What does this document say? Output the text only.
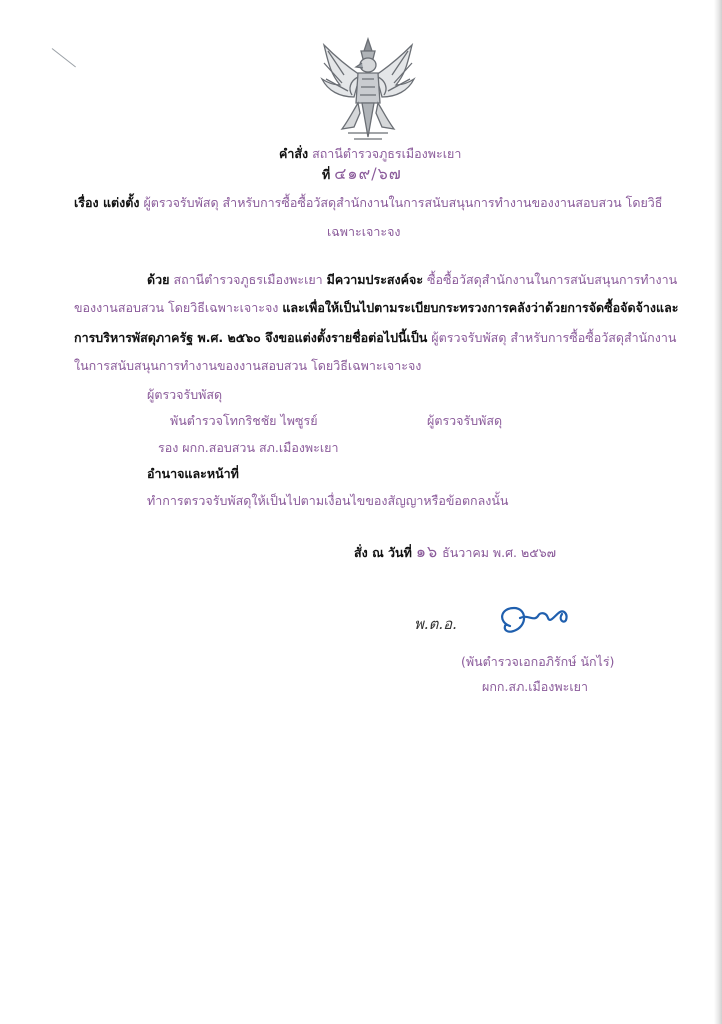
คำสั่ง สถานีตำรวจภูธรเมืองพะเยา
ที่ ๔๑๙/๖๗
เรื่อง แต่งตั้ง ผู้ตรวจรับพัสดุ สำหรับการซื้อซื้อวัสดุสำนักงานในการสนับสนุนการทำงานของงานสอบสวน โดยวิธี
เฉพาะเจาะจง
ด้วย สถานีตำรวจภูธรเมืองพะเยา มีความประสงค์จะ ซื้อซื้อวัสดุสำนักงานในการสนับสนุนการทำงาน
ของงานสอบสวน โดยวิธีเฉพาะเจาะจง และเพื่อให้เป็นไปตามระเบียบกระทรวงการคลังว่าด้วยการจัดซื้อจัดจ้างและ
การบริหารพัสดุภาครัฐ พ.ศ. ๒๕๖๐ จึงขอแต่งตั้งรายชื่อต่อไปนี้เป็น ผู้ตรวจรับพัสดุ สำหรับการซื้อซื้อวัสดุสำนักงาน
ในการสนับสนุนการทำงานของงานสอบสวน โดยวิธีเฉพาะเจาะจง
ผู้ตรวจรับพัสดุ
พันตำรวจโทกริชชัย ไพซูรย์	ผู้ตรวจรับพัสดุ
รอง ผกก.สอบสวน สภ.เมืองพะเยา
อำนาจและหน้าที่
ทำการตรวจรับพัสดุให้เป็นไปตามเงื่อนไขของสัญญาหรือข้อตกลงนั้น
สั่ง ณ วันที่ ๑๖ ธันวาคม พ.ศ. ๒๕๖๗
พ.ต.อ.
(พันตำรวจเอกอภิรักษ์ นักไร่)
ผกก.สภ.เมืองพะเยา
